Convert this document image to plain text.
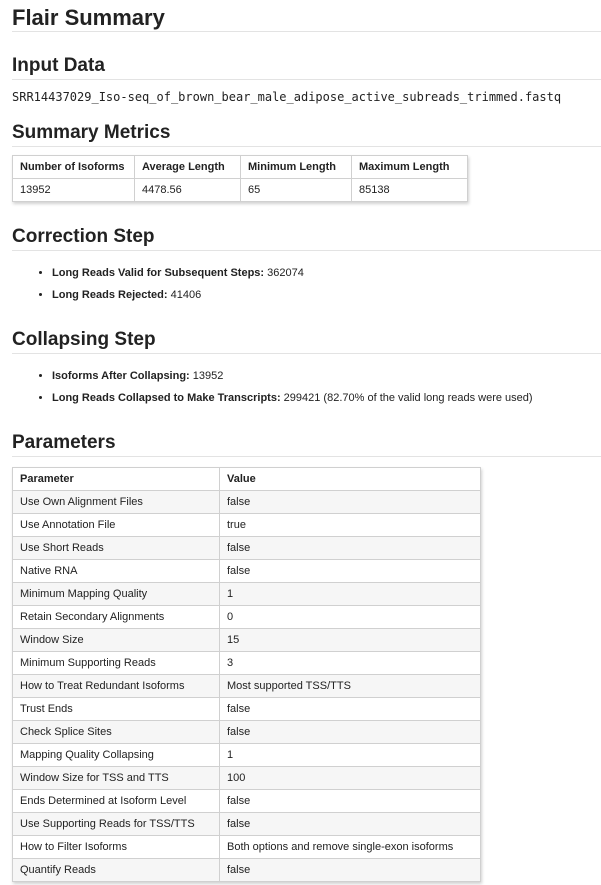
Flair Summary
Input Data
SRR14437029_Iso-seq_of_brown_bear_male_adipose_active_subreads_trimmed.fastq
Summary Metrics
Number of Isoforms	Average Length	Minimum Length	Maximum Length
13952	4478.56	65	85138
Correction Step
• Long Reads Valid for Subsequent Steps: 362074
• Long Reads Rejected: 41406
Collapsing Step
• Isoforms After Collapsing: 13952
• Long Reads Collapsed to Make Transcripts: 299421 (82.70% of the valid long reads were used)
Parameters
Parameter	Value
Use Own Alignment Files	false
Use Annotation File	true
Use Short Reads	false
Native RNA	false
Minimum Mapping Quality	1
Retain Secondary Alignments	0
Window Size	15
Minimum Supporting Reads	3
How to Treat Redundant Isoforms	Most supported TSS/TTS
Trust Ends	false
Check Splice Sites	false
Mapping Quality Collapsing	1
Window Size for TSS and TTS	100
Ends Determined at Isoform Level	false
Use Supporting Reads for TSS/TTS	false
How to Filter Isoforms	Both options and remove single-exon isoforms
Quantify Reads	false
